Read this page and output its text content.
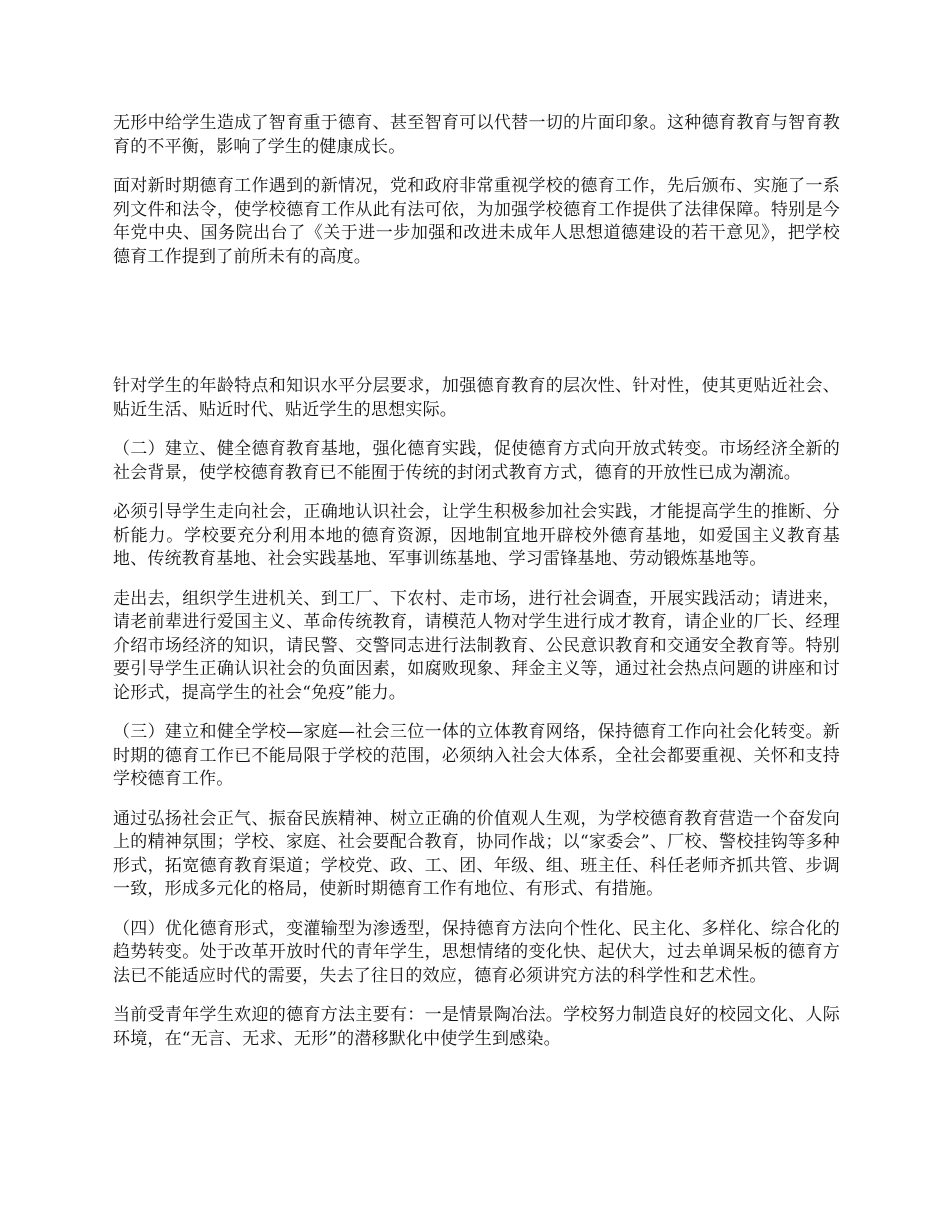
无形中给学生造成了智育重于德育、甚至智育可以代替一切的片面印象。这种德育教育与智育教育的不平衡，影响了学生的健康成长。

面对新时期德育工作遇到的新情况，党和政府非常重视学校的德育工作，先后颁布、实施了一系列文件和法令，使学校德育工作从此有法可依，为加强学校德育工作提供了法律保障。特别是今年党中央、国务院出台了《关于进一步加强和改进未成年人思想道德建设的若干意见》，把学校德育工作提到了前所未有的高度。

针对学生的年龄特点和知识水平分层要求，加强德育教育的层次性、针对性，使其更贴近社会、贴近生活、贴近时代、贴近学生的思想实际。

（二）建立、健全德育教育基地，强化德育实践，促使德育方式向开放式转变。市场经济全新的社会背景，使学校德育教育已不能囿于传统的封闭式教育方式，德育的开放性已成为潮流。

必须引导学生走向社会，正确地认识社会，让学生积极参加社会实践，才能提高学生的推断、分析能力。学校要充分利用本地的德育资源，因地制宜地开辟校外德育基地，如爱国主义教育基地、传统教育基地、社会实践基地、军事训练基地、学习雷锋基地、劳动锻炼基地等。

走出去，组织学生进机关、到工厂、下农村、走市场，进行社会调查，开展实践活动；请进来，请老前辈进行爱国主义、革命传统教育，请模范人物对学生进行成才教育，请企业的厂长、经理介绍市场经济的知识，请民警、交警同志进行法制教育、公民意识教育和交通安全教育等。特别要引导学生正确认识社会的负面因素，如腐败现象、拜金主义等，通过社会热点问题的讲座和讨论形式，提高学生的社会“免疫”能力。

（三）建立和健全学校—家庭—社会三位一体的立体教育网络，保持德育工作向社会化转变。新时期的德育工作已不能局限于学校的范围，必须纳入社会大体系，全社会都要重视、关怀和支持学校德育工作。

通过弘扬社会正气、振奋民族精神、树立正确的价值观人生观，为学校德育教育营造一个奋发向上的精神氛围；学校、家庭、社会要配合教育，协同作战；以“家委会”、厂校、警校挂钩等多种形式，拓宽德育教育渠道；学校党、政、工、团、年级、组、班主任、科任老师齐抓共管、步调一致，形成多元化的格局，使新时期德育工作有地位、有形式、有措施。

（四）优化德育形式，变灌输型为渗透型，保持德育方法向个性化、民主化、多样化、综合化的趋势转变。处于改革开放时代的青年学生，思想情绪的变化快、起伏大，过去单调呆板的德育方法已不能适应时代的需要，失去了往日的效应，德育必须讲究方法的科学性和艺术性。

当前受青年学生欢迎的德育方法主要有：一是情景陶冶法。学校努力制造良好的校园文化、人际环境，在“无言、无求、无形”的潜移默化中使学生到感染。
